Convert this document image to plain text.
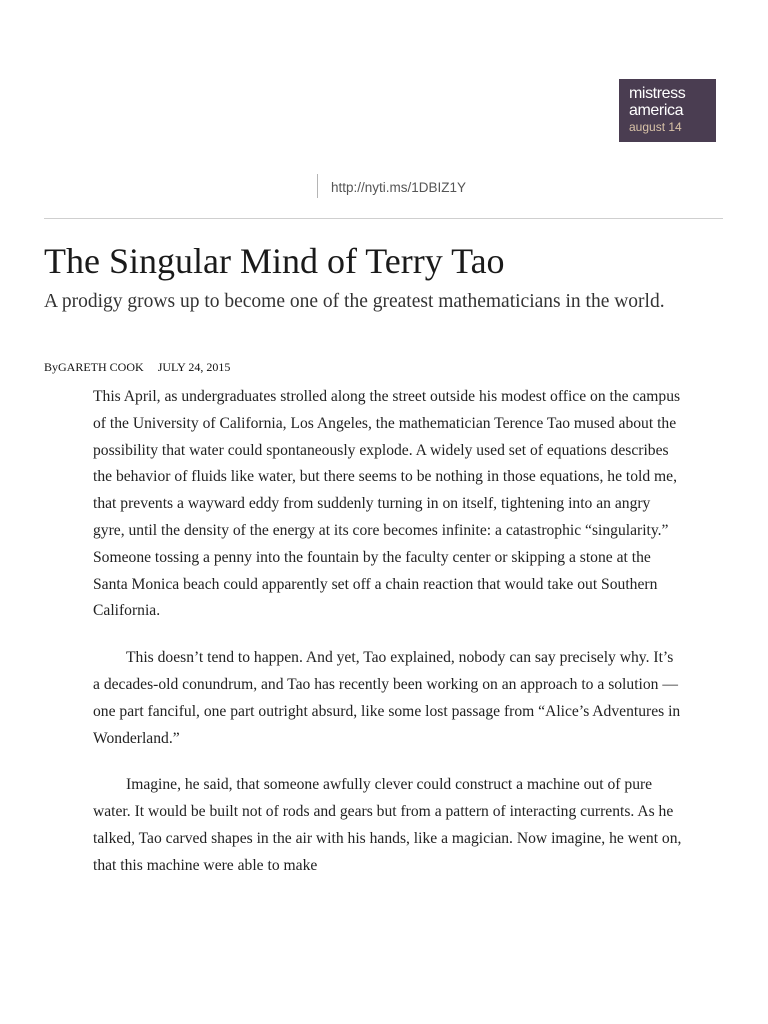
mistress
america
august 14
http://nyti.ms/1DBIZ1Y
The Singular Mind of Terry Tao

A prodigy grows up to become one of the greatest mathematicians in the world.

ByGARETH COOK JULY 24, 2015

This April, as undergraduates strolled along the street outside his modest office on the campus of the University of California, Los Angeles, the mathematician Terence Tao mused about the possibility that water could spontaneously explode. A widely used set of equations describes the behavior of fluids like water, but there seems to be nothing in those equations, he told me, that prevents a wayward eddy from suddenly turning in on itself, tightening into an angry gyre, until the density of the energy at its core becomes infinite: a catastrophic “singularity.” Someone tossing a penny into the fountain by the faculty center or skipping a stone at the Santa Monica beach could apparently set off a chain reaction that would take out Southern California.

This doesn’t tend to happen. And yet, Tao explained, nobody can say precisely why. It’s a decades-old conundrum, and Tao has recently been working on an approach to a solution — one part fanciful, one part outright absurd, like some lost passage from “Alice’s Adventures in Wonderland.”

Imagine, he said, that someone awfully clever could construct a machine out of pure water. It would be built not of rods and gears but from a pattern of interacting currents. As he talked, Tao carved shapes in the air with his hands, like a magician. Now imagine, he went on, that this machine were able to make
